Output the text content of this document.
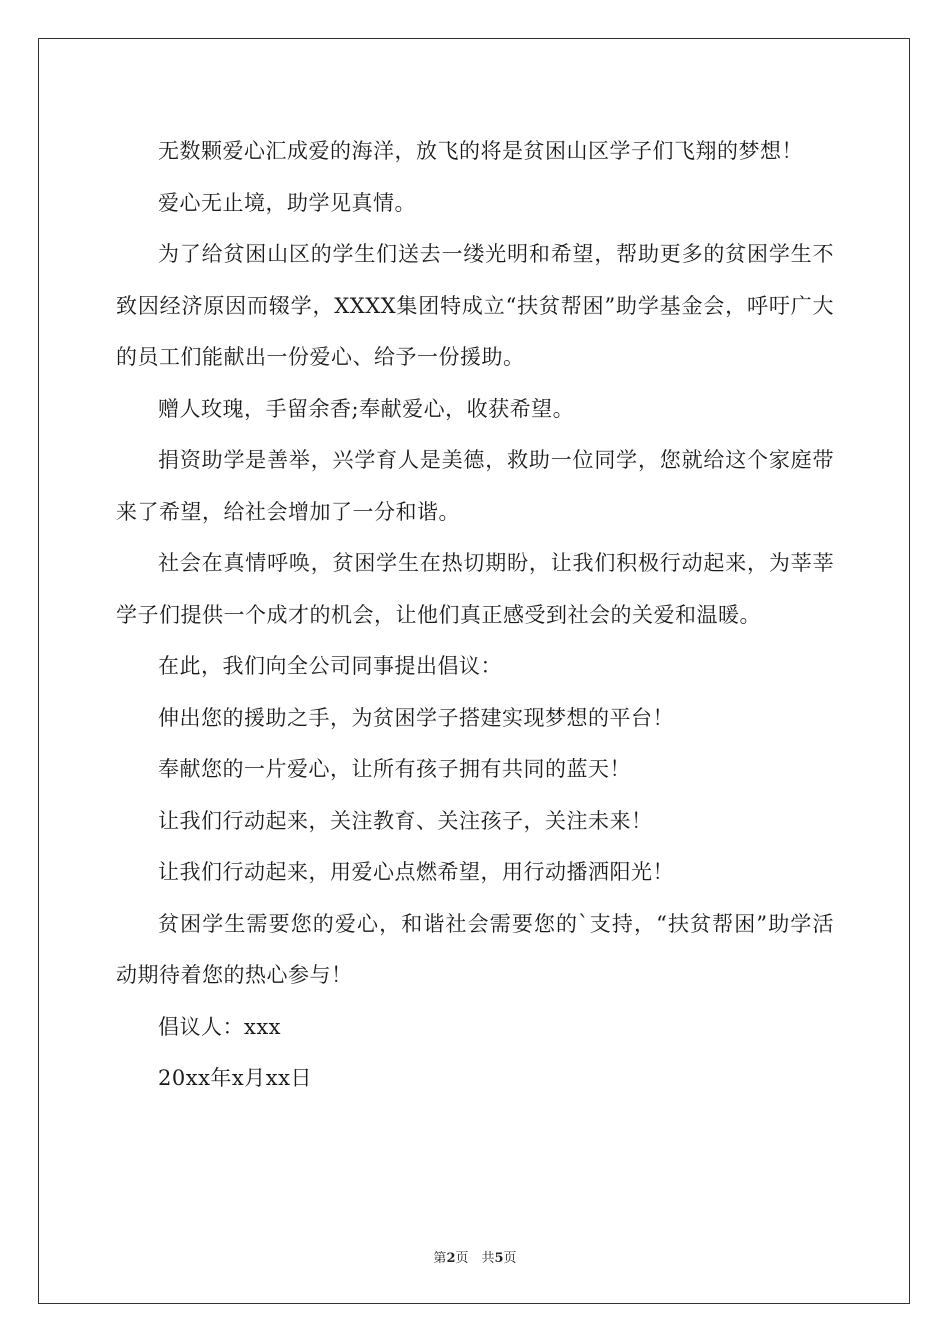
无数颗爱心汇成爱的海洋，放飞的将是贫困山区学子们飞翔的梦想！

爱心无止境，助学见真情。

为了给贫困山区的学生们送去一缕光明和希望，帮助更多的贫困学生不致因经济原因而辍学，XXXX集团特成立“扶贫帮困”助学基金会，呼吁广大的员工们能献出一份爱心、给予一份援助。

赠人玫瑰，手留余香;奉献爱心，收获希望。

捐资助学是善举，兴学育人是美德，救助一位同学，您就给这个家庭带来了希望，给社会增加了一分和谐。

社会在真情呼唤，贫困学生在热切期盼，让我们积极行动起来，为莘莘学子们提供一个成才的机会，让他们真正感受到社会的关爱和温暖。

在此，我们向全公司同事提出倡议：

伸出您的援助之手，为贫困学子搭建实现梦想的平台！

奉献您的一片爱心，让所有孩子拥有共同的蓝天！

让我们行动起来，关注教育、关注孩子，关注未来！

让我们行动起来，用爱心点燃希望，用行动播洒阳光！

贫困学生需要您的爱心，和谐社会需要您的`支持，“扶贫帮困”助学活动期待着您的热心参与！

倡议人：xxx

20xx年x月xx日

第2页　共5页
